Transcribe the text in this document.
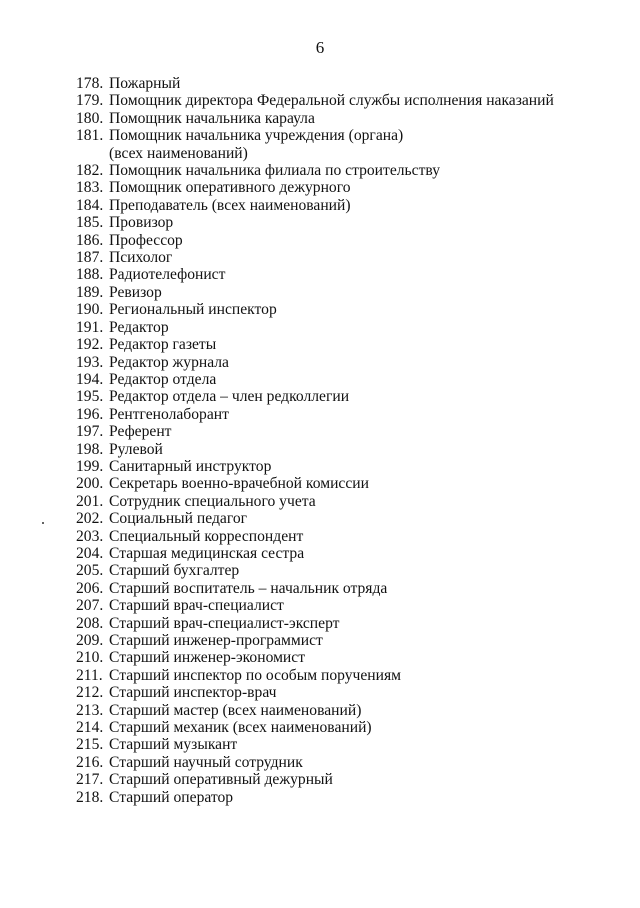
6
178. Пожарный
179. Помощник директора Федеральной службы исполнения наказаний
180. Помощник начальника караула
181. Помощник начальника учреждения (органа)
(всех наименований)
182. Помощник начальника филиала по строительству
183. Помощник оперативного дежурного
184. Преподаватель (всех наименований)
185. Провизор
186. Профессор
187. Психолог
188. Радиотелефонист
189. Ревизор
190. Региональный инспектор
191. Редактор
192. Редактор газеты
193. Редактор журнала
194. Редактор отдела
195. Редактор отдела – член редколлегии
196. Рентгенолаборант
197. Референт
198. Рулевой
199. Санитарный инструктор
200. Секретарь военно-врачебной комиссии
201. Сотрудник специального учета
202. Социальный педагог
203. Специальный корреспондент
204. Старшая медицинская сестра
205. Старший бухгалтер
206. Старший воспитатель – начальник отряда
207. Старший врач-специалист
208. Старший врач-специалист-эксперт
209. Старший инженер-программист
210. Старший инженер-экономист
211. Старший инспектор по особым поручениям
212. Старший инспектор-врач
213. Старший мастер (всех наименований)
214. Старший механик (всех наименований)
215. Старший музыкант
216. Старший научный сотрудник
217. Старший оперативный дежурный
218. Старший оператор
